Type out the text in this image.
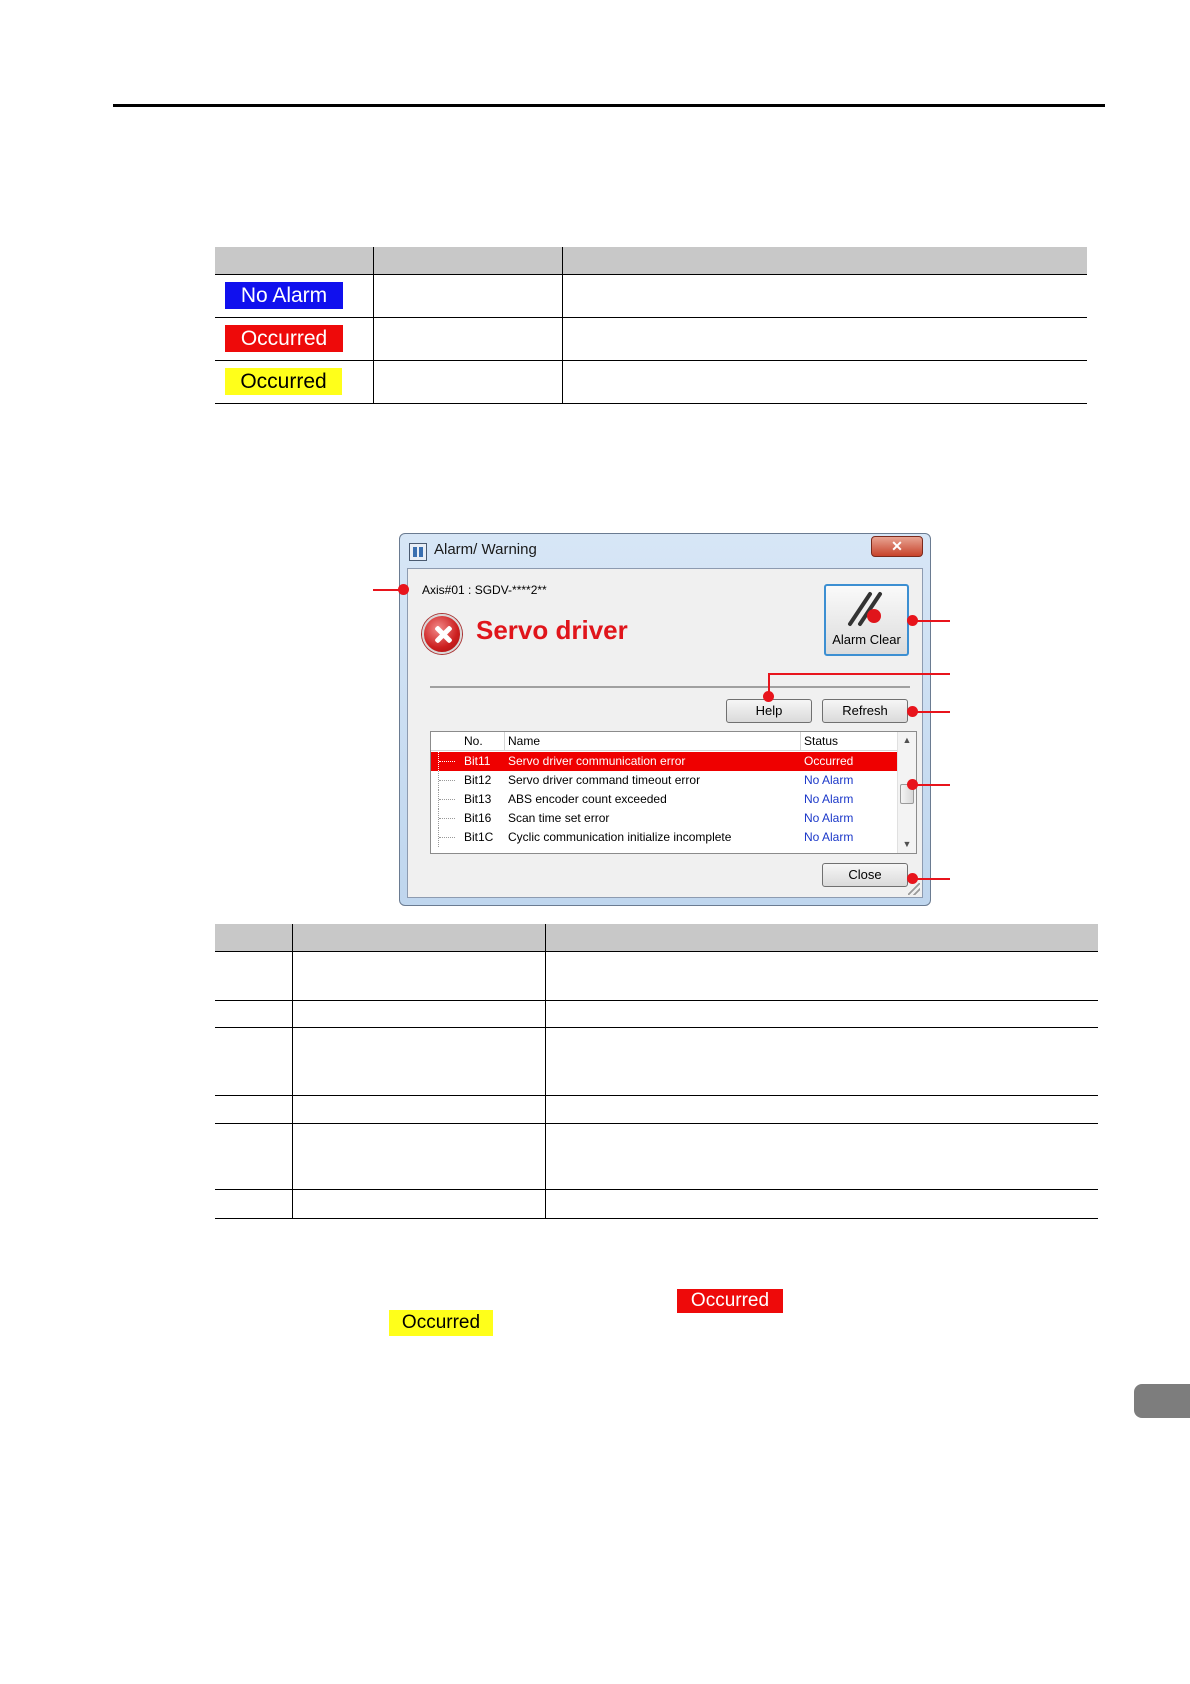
No Alarm		
Occurred		
Occurred		
Alarm/ Warning	✕
Axis#01 : SGDV-****2**
Servo driver	Alarm Clear
Help	Refresh
No. Name	Status
Bit11 Servo driver communication error	Occurred
Bit12 Servo driver command timeout error	No Alarm
Bit13 ABS encoder count exceeded	No Alarm
Bit16 Scan time set error	No Alarm
Bit1C Cyclic communication initialize incomplete	No Alarm
▲
▼
Close

Occurred
Occurred
